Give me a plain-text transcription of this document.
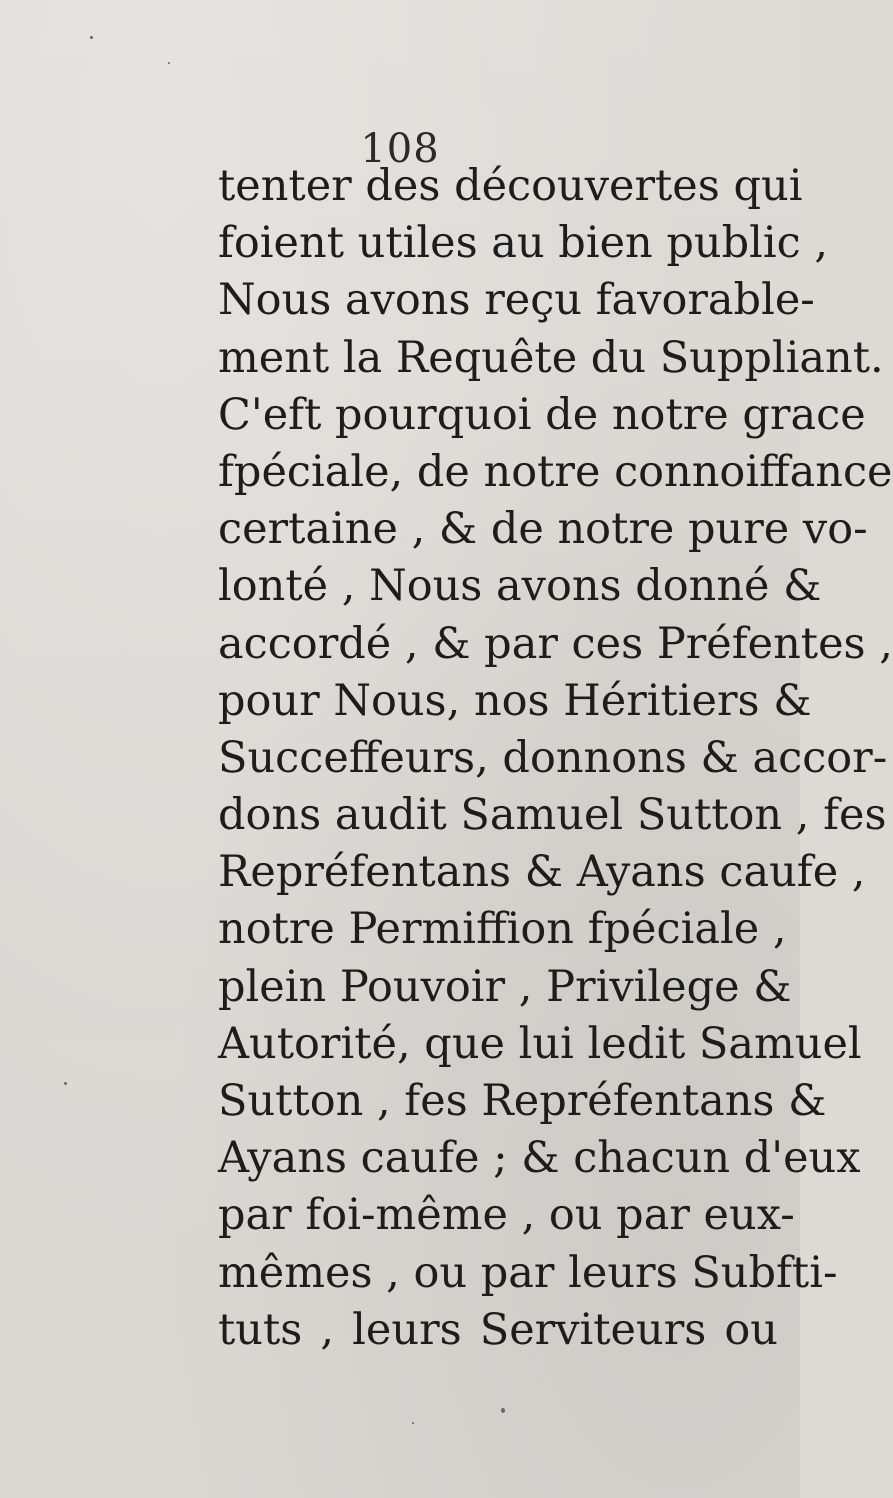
108
tenter des découvertes qui
foient utiles au bien public ,
Nous avons reçu favorable-
ment la Requête du Suppliant.
C'eft pourquoi de notre grace
fpéciale, de notre connoiffance
certaine , & de notre pure vo-
lonté , Nous avons donné &
accordé , & par ces Préfentes ,
pour Nous, nos Héritiers &
Succeffeurs, donnons & accor-
dons audit Samuel Sutton , fes
Repréfentans & Ayans caufe ,
notre Permiffion fpéciale ,
plein Pouvoir , Privilege &
Autorité, que lui ledit Samuel
Sutton , fes Repréfentans &
Ayans caufe ; & chacun d'eux
par foi-même , ou par eux-
mêmes , ou par leurs Subfti-
tuts , leurs Serviteurs ou
